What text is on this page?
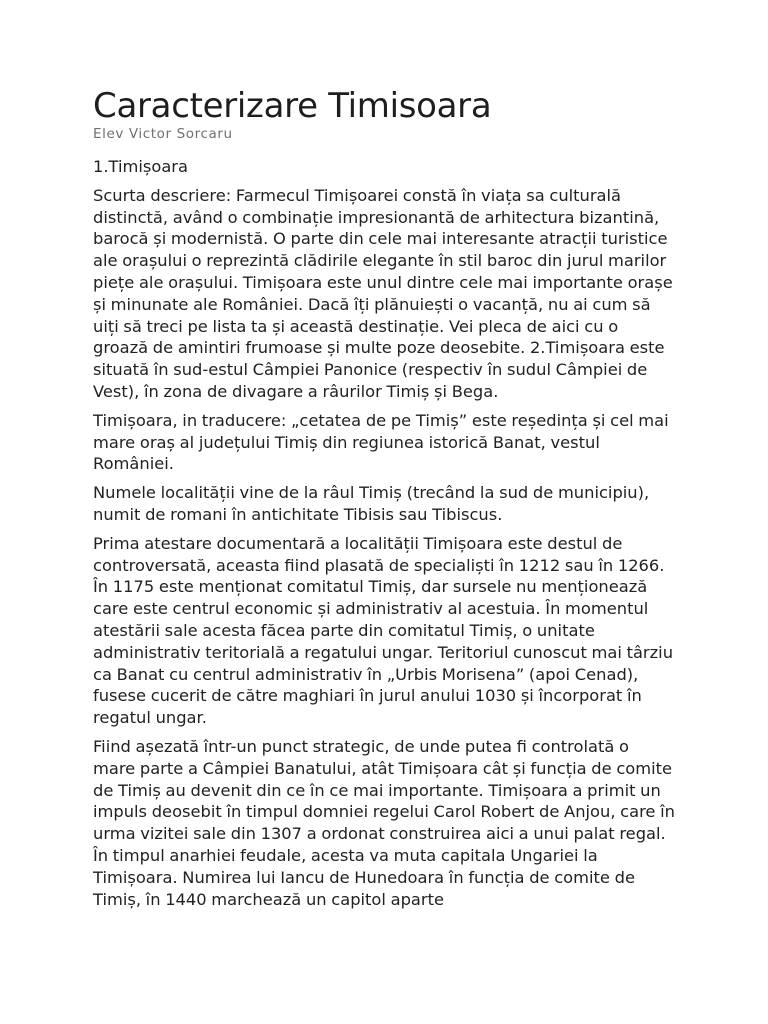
Caracterizare Timisoara
Elev Victor Sorcaru

1.Timișoara

Scurta descriere: Farmecul Timișoarei constă în viața sa culturală distinctă, având o combinație impresionantă de arhitectura bizantină, barocă și modernistă. O parte din cele mai interesante atracții turistice ale orașului o reprezintă clădirile elegante în stil baroc din jurul marilor piețe ale orașului. Timișoara este unul dintre cele mai importante orașe și minunate ale României. Dacă îți plănuiești o vacanță, nu ai cum să uiți să treci pe lista ta și această destinație. Vei pleca de aici cu o groază de amintiri frumoase și multe poze deosebite. 2.Timișoara este situată în sud-estul Câmpiei Panonice (respectiv în sudul Câmpiei de Vest), în zona de divagare a râurilor Timiș și Bega.

Timișoara, in traducere: „cetatea de pe Timiș” este reședința și cel mai mare oraș al județului Timiș din regiunea istorică Banat, vestul României.

Numele localității vine de la râul Timiș (trecând la sud de municipiu), numit de romani în antichitate Tibisis sau Tibiscus.

Prima atestare documentară a localității Timișoara este destul de controversată, aceasta fiind plasată de specialiști în 1212 sau în 1266. În 1175 este menționat comitatul Timiș, dar sursele nu menționează care este centrul economic și administrativ al acestuia. În momentul atestării sale acesta făcea parte din comitatul Timiș, o unitate administrativ teritorială a regatului ungar. Teritoriul cunoscut mai târziu ca Banat cu centrul administrativ în „Urbis Morisena” (apoi Cenad), fusese cucerit de către maghiari în jurul anului 1030 și încorporat în regatul ungar.

Fiind așezată într-un punct strategic, de unde putea fi controlată o mare parte a Câmpiei Banatului, atât Timișoara cât și funcția de comite de Timiș au devenit din ce în ce mai importante. Timișoara a primit un impuls deosebit în timpul domniei regelui Carol Robert de Anjou, care în urma vizitei sale din 1307 a ordonat construirea aici a unui palat regal. În timpul anarhiei feudale, acesta va muta capitala Ungariei la Timișoara. Numirea lui Iancu de Hunedoara în funcția de comite de Timiș, în 1440 marchează un capitol aparte
